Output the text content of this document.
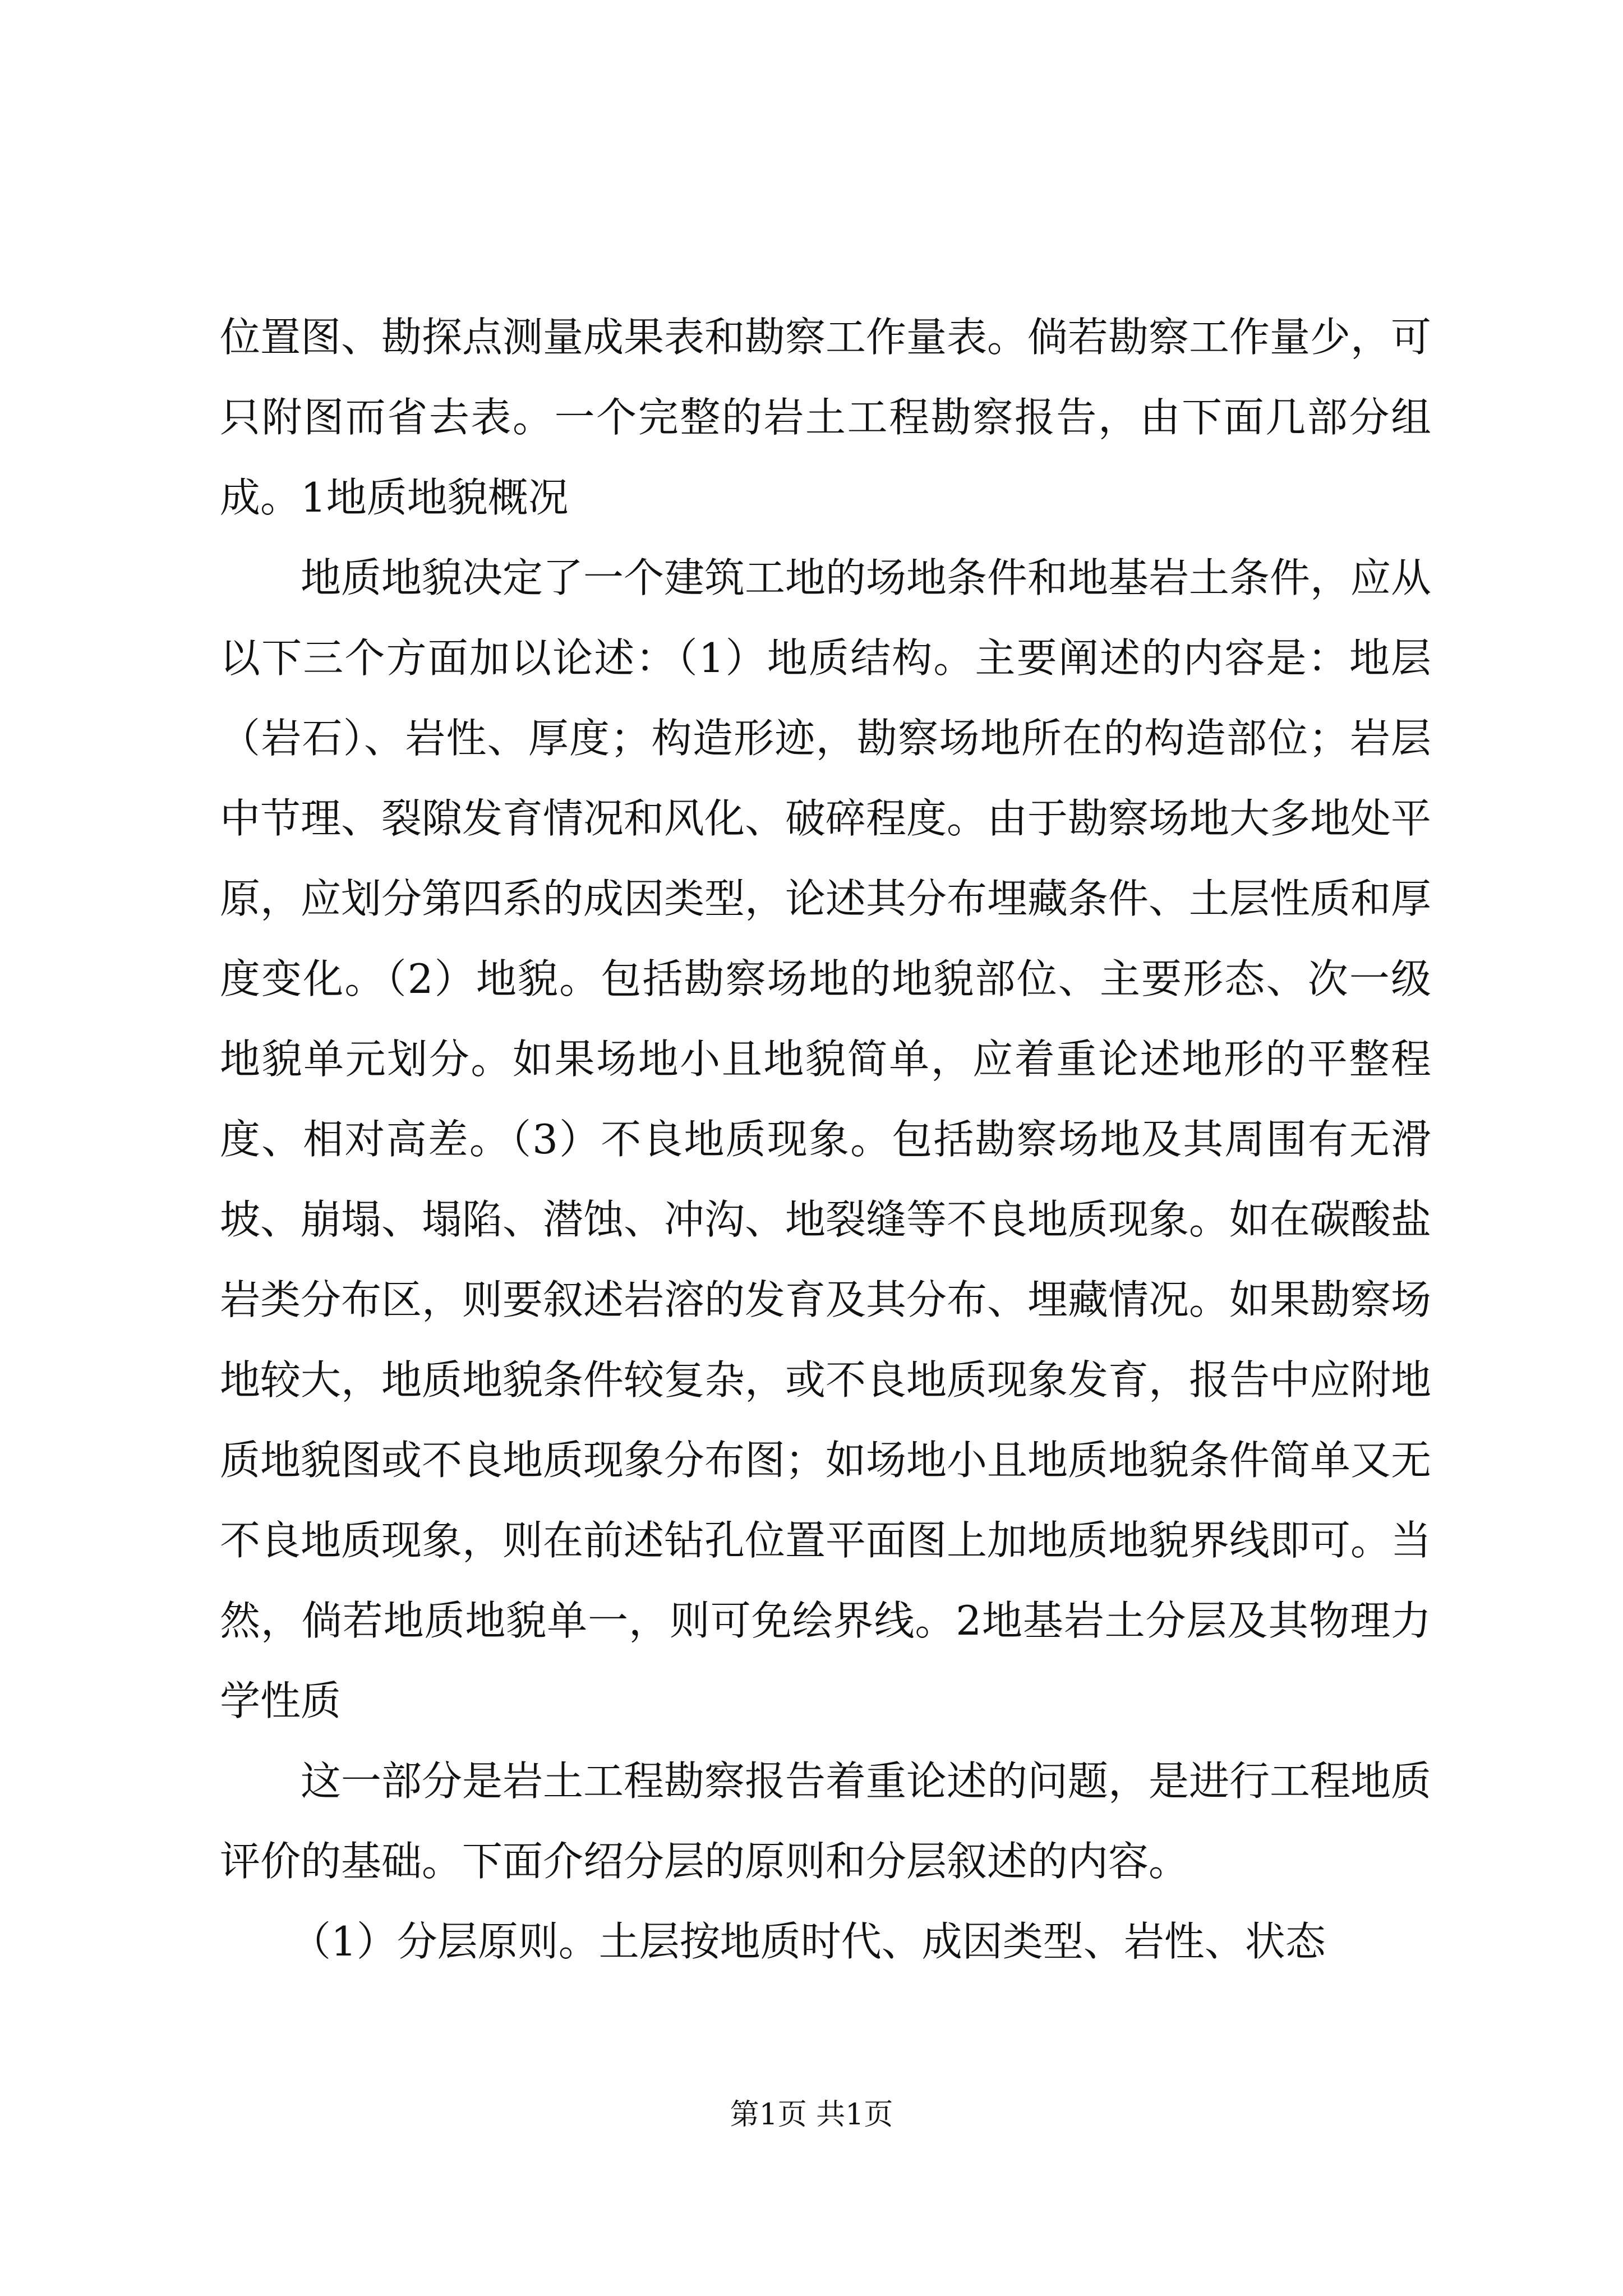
位置图、勘探点测量成果表和勘察工作量表。倘若勘察工作量少，可只附图而省去表。一个完整的岩土工程勘察报告，由下面几部分组成。1地质地貌概况

地质地貌决定了一个建筑工地的场地条件和地基岩土条件，应从以下三个方面加以论述：（1）地质结构。主要阐述的内容是：地层（岩石）、岩性、厚度；构造形迹，勘察场地所在的构造部位；岩层中节理、裂隙发育情况和风化、破碎程度。由于勘察场地大多地处平原，应划分第四系的成因类型，论述其分布埋藏条件、土层性质和厚度变化。（2）地貌。包括勘察场地的地貌部位、主要形态、次一级地貌单元划分。如果场地小且地貌简单，应着重论述地形的平整程度、相对高差。（3）不良地质现象。包括勘察场地及其周围有无滑坡、崩塌、塌陷、潜蚀、冲沟、地裂缝等不良地质现象。如在碳酸盐岩类分布区，则要叙述岩溶的发育及其分布、埋藏情况。如果勘察场地较大，地质地貌条件较复杂，或不良地质现象发育，报告中应附地质地貌图或不良地质现象分布图；如场地小且地质地貌条件简单又无不良地质现象，则在前述钻孔位置平面图上加地质地貌界线即可。当然，倘若地质地貌单一，则可免绘界线。2地基岩土分层及其物理力学性质

这一部分是岩土工程勘察报告着重论述的问题，是进行工程地质评价的基础。下面介绍分层的原则和分层叙述的内容。

（1）分层原则。土层按地质时代、成因类型、岩性、状态

第1页 共1页
